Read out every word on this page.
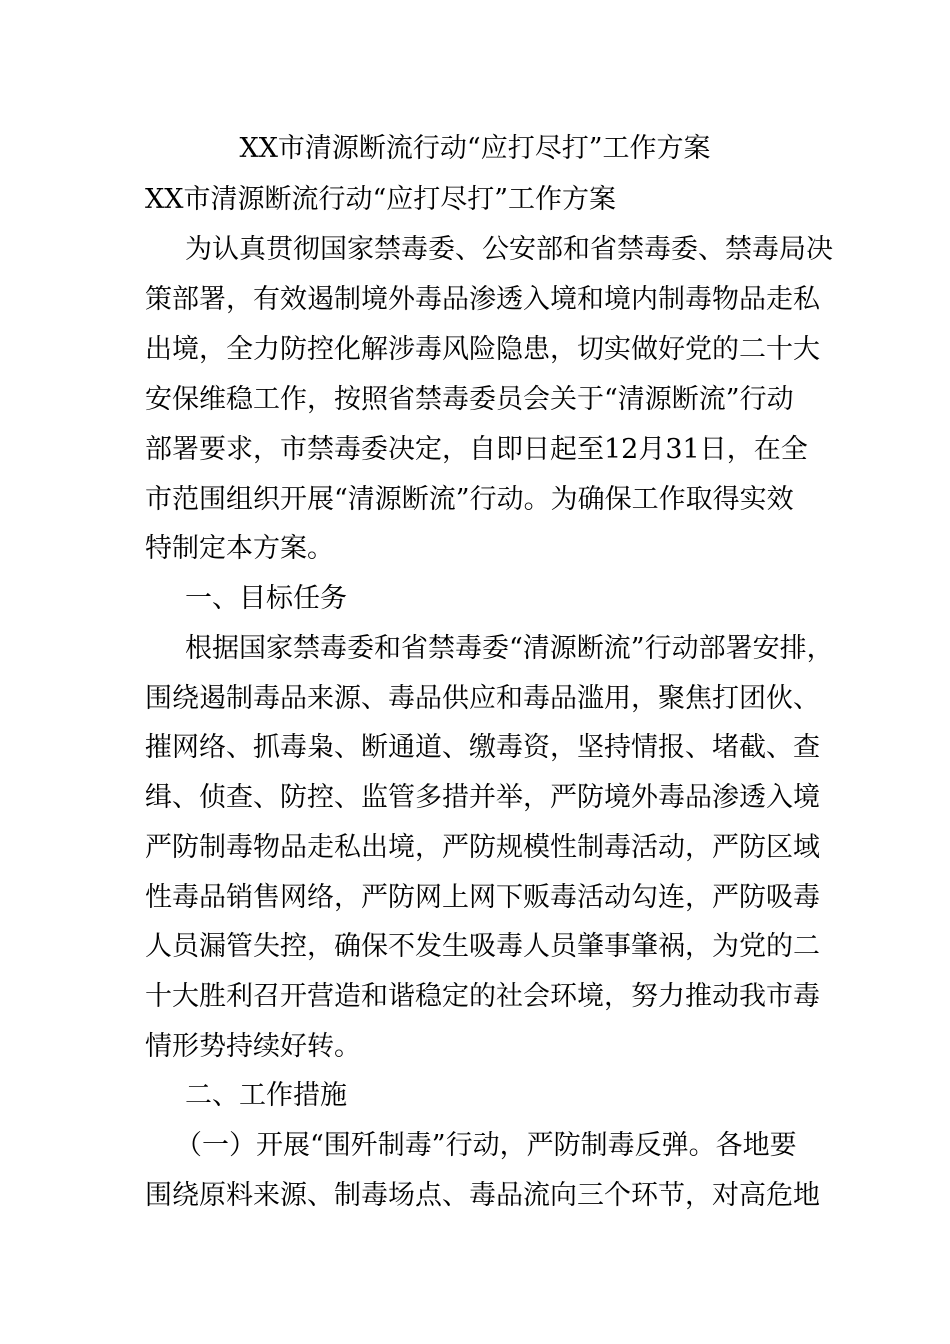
XX市清源断流行动“应打尽打”工作方案
XX市清源断流行动“应打尽打”工作方案
为认真贯彻国家禁毒委、公安部和省禁毒委、禁毒局决
策部署，有效遏制境外毒品渗透入境和境内制毒物品走私
出境，全力防控化解涉毒风险隐患，切实做好党的二十大
安保维稳工作，按照省禁毒委员会关于“清源断流”行动
部署要求，市禁毒委决定，自即日起至12月31日，在全
市范围组织开展“清源断流”行动。为确保工作取得实效
特制定本方案。
一、目标任务
根据国家禁毒委和省禁毒委“清源断流”行动部署安排，
围绕遏制毒品来源、毒品供应和毒品滥用，聚焦打团伙、
摧网络、抓毒枭、断通道、缴毒资，坚持情报、堵截、查
缉、侦查、防控、监管多措并举，严防境外毒品渗透入境
严防制毒物品走私出境，严防规模性制毒活动，严防区域
性毒品销售网络，严防网上网下贩毒活动勾连，严防吸毒
人员漏管失控，确保不发生吸毒人员肇事肇祸，为党的二
十大胜利召开营造和谐稳定的社会环境，努力推动我市毒
情形势持续好转。
二、工作措施
（一）开展“围歼制毒”行动，严防制毒反弹。各地要
围绕原料来源、制毒场点、毒品流向三个环节，对高危地
